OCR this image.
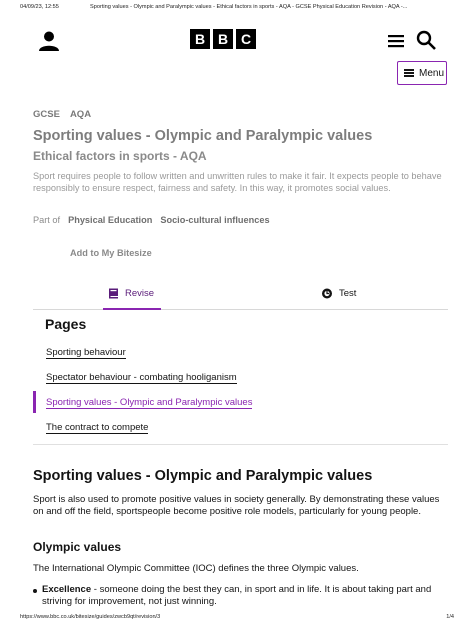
04/09/23, 12:55	Sporting values - Olympic and Paralympic values - Ethical factors in sports - AQA - GCSE Physical Education Revision - AQA -...
B B C
Menu
GCSE AQA
Sporting values - Olympic and Paralympic values
Ethical factors in sports - AQA
Sport requires people to follow written and unwritten rules to make it fair. It expects people to behave responsibly to ensure respect, fairness and safety. In this way, it promotes social values.
Part of Physical Education Socio-cultural influences
Add to My Bitesize
Revise	Test
Pages
Sporting behaviour
Spectator behaviour - combating hooliganism
Sporting values - Olympic and Paralympic values
The contract to compete
Sporting values - Olympic and Paralympic values
Sport is also used to promote positive values in society generally. By demonstrating these values on and off the field, sportspeople become positive role models, particularly for young people.
Olympic values
The International Olympic Committee (IOC) defines the three Olympic values.
Excellence - someone doing the best they can, in sport and in life. It is about taking part and striving for improvement, not just winning.
https://www.bbc.co.uk/bitesize/guides/zwcb9qt/revision/3	1/4
